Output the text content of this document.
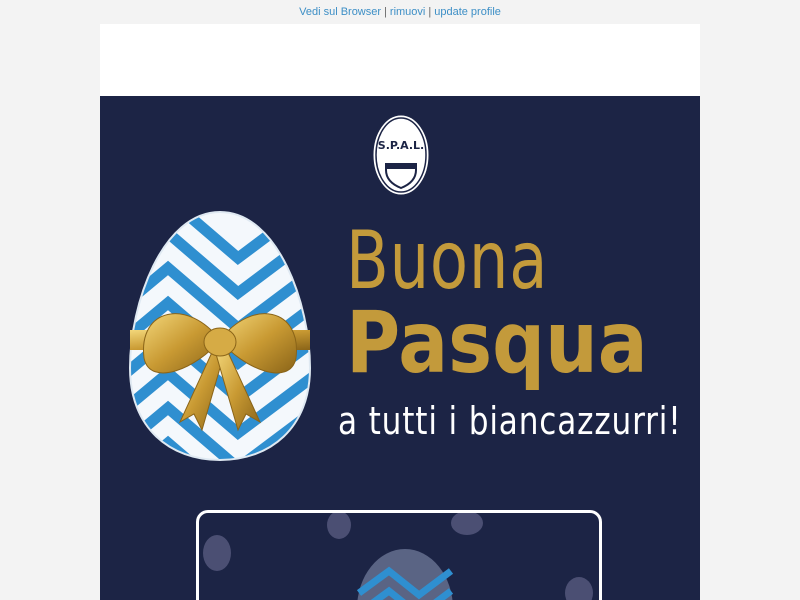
Vedi sul Browser | rimuovi | update profile
S.P.A.L.
Buona
Pasqua
a tutti i biancazzurri!
